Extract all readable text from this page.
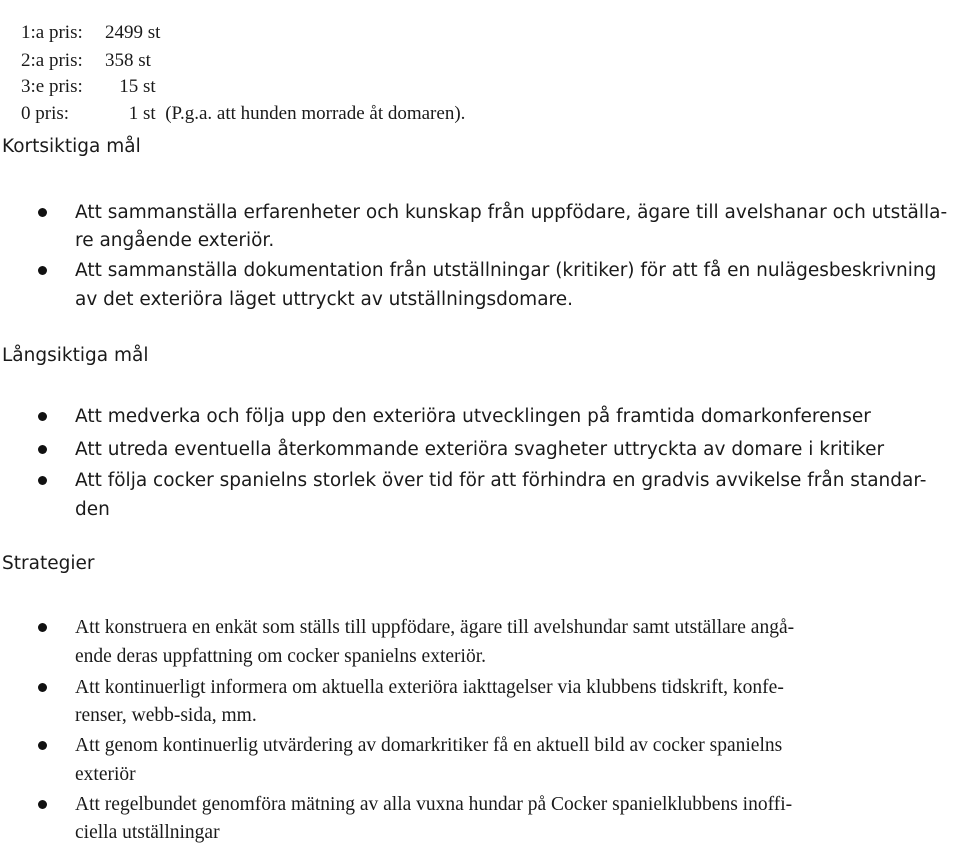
1:a pris: 2499 st

2:a pris: 358 st

3:e pris:   15 st

0 pris:     1 st (P.g.a. att hunden morrade åt domaren).

Kortsiktiga mål
Att sammanställa erfarenheter och kunskap från uppfödare, ägare till avelshanar och utställa-
re angående exteriör.
Att sammanställa dokumentation från utställningar (kritiker) för att få en nulägesbeskrivning
av det exteriöra läget uttryckt av utställningsdomare.
Långsiktiga mål
Att medverka och följa upp den exteriöra utvecklingen på framtida domarkonferenser
Att utreda eventuella återkommande exteriöra svagheter uttryckta av domare i kritiker
Att följa cocker spanielns storlek över tid för att förhindra en gradvis avvikelse från standar-
den
Strategier
Att konstruera en enkät som ställs till uppfödare, ägare till avelshundar samt utställare angå-
ende deras uppfattning om cocker spanielns exteriör.
Att kontinuerligt informera om aktuella exteriöra iakttagelser via klubbens tidskrift, konfe-
renser, webb-sida, mm.
Att genom kontinuerlig utvärdering av domarkritiker få en aktuell bild av cocker spanielns
exteriör
Att regelbundet genomföra mätning av alla vuxna hundar på Cocker spanielklubbens inoffi-
ciella utställningar
